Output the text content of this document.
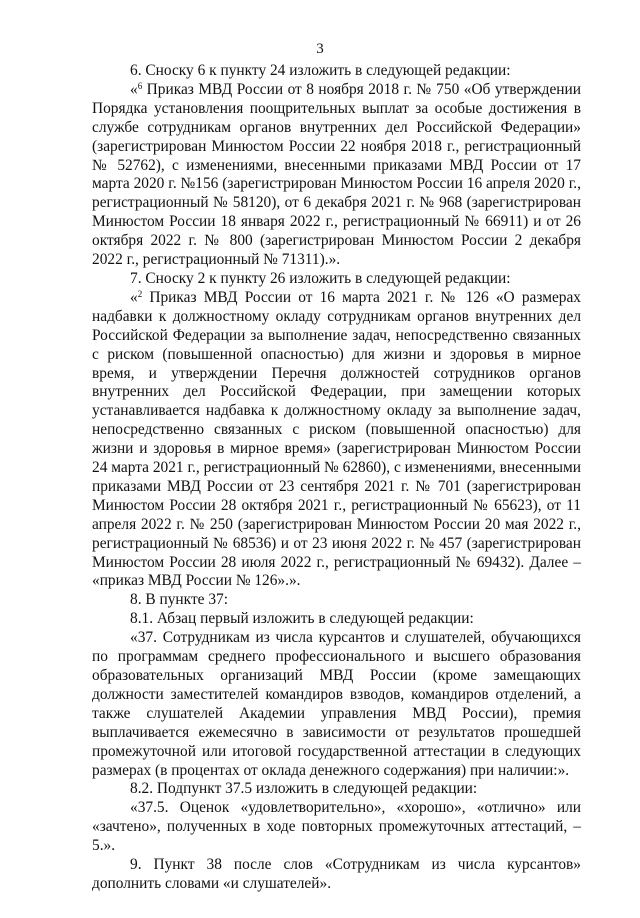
3

6. Сноску 6 к пункту 24 изложить в следующей редакции:

«$^6$ Приказ МВД России от 8 ноября 2018 г. № 750 «Об утверждении Порядка установления поощрительных выплат за особые достижения в службе сотрудникам органов внутренних дел Российской Федерации» (зарегистрирован Минюстом России 22 ноября 2018 г., регистрационный № 52762), с изменениями, внесенными приказами МВД России от 17 марта 2020 г. №156 (зарегистрирован Минюстом России 16 апреля 2020 г., регистрационный № 58120), от 6 декабря 2021 г. № 968 (зарегистрирован Минюстом России 18 января 2022 г., регистрационный № 66911) и от 26 октября 2022 г. № 800 (зарегистрирован Минюстом России 2 декабря 2022 г., регистрационный № 71311).».

7. Сноску 2 к пункту 26 изложить в следующей редакции:

«$^2$ Приказ МВД России от 16 марта 2021 г. № 126 «О размерах надбавки к должностному окладу сотрудникам органов внутренних дел Российской Федерации за выполнение задач, непосредственно связанных с риском (повышенной опасностью) для жизни и здоровья в мирное время, и утверждении Перечня должностей сотрудников органов внутренних дел Российской Федерации, при замещении которых устанавливается надбавка к должностному окладу за выполнение задач, непосредственно связанных с риском (повышенной опасностью) для жизни и здоровья в мирное время» (зарегистрирован Минюстом России 24 марта 2021 г., регистрационный № 62860), с изменениями, внесенными приказами МВД России от 23 сентября 2021 г. № 701 (зарегистрирован Минюстом России 28 октября 2021 г., регистрационный № 65623), от 11 апреля 2022 г. № 250 (зарегистрирован Минюстом России 20 мая 2022 г., регистрационный № 68536) и от 23 июня 2022 г. № 457 (зарегистрирован Минюстом России 28 июля 2022 г., регистрационный № 69432). Далее – «приказ МВД России № 126».».

8. В пункте 37:

8.1. Абзац первый изложить в следующей редакции:

«37. Сотрудникам из числа курсантов и слушателей, обучающихся по программам среднего профессионального и высшего образования образовательных организаций МВД России (кроме замещающих должности заместителей командиров взводов, командиров отделений, а также слушателей Академии управления МВД России), премия выплачивается ежемесячно в зависимости от результатов прошедшей промежуточной или итоговой государственной аттестации в следующих размерах (в процентах от оклада денежного содержания) при наличии:».

8.2. Подпункт 37.5 изложить в следующей редакции:

«37.5. Оценок «удовлетворительно», «хорошо», «отлично» или «зачтено», полученных в ходе повторных промежуточных аттестаций, – 5.».

9. Пункт 38 после слов «Сотрудникам из числа курсантов» дополнить словами «и слушателей».
